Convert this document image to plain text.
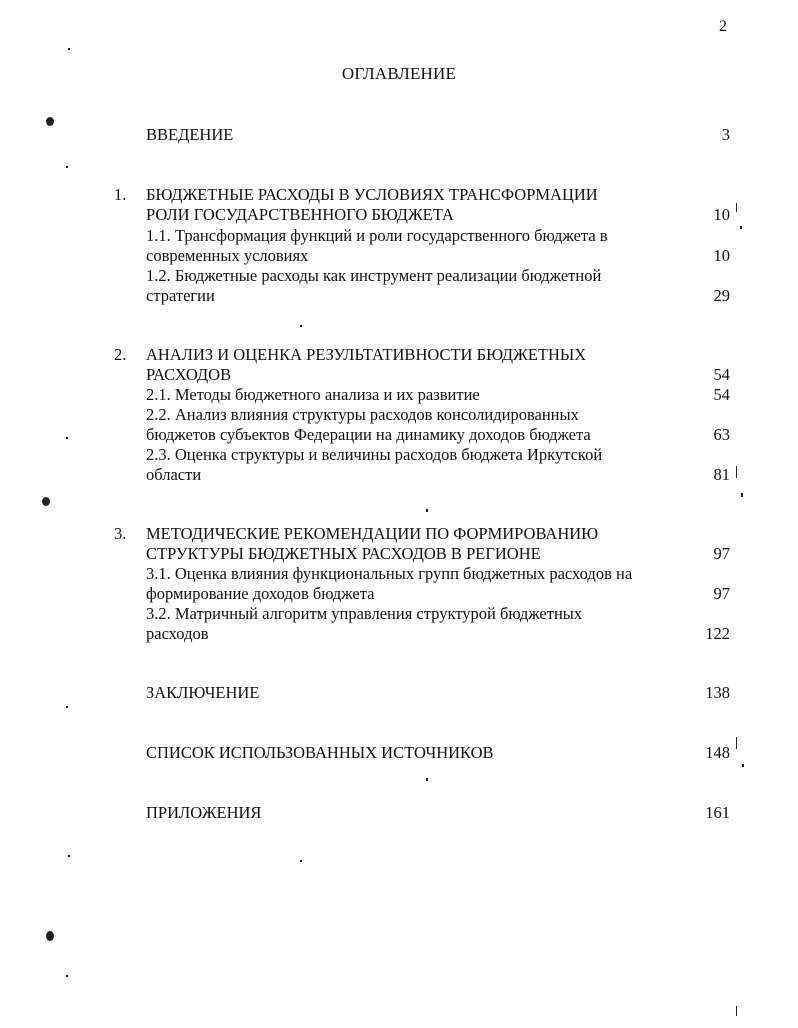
2
ОГЛАВЛЕНИЕ
ВВЕДЕНИЕ	3
1. БЮДЖЕТНЫЕ РАСХОДЫ В УСЛОВИЯХ ТРАНСФОРМАЦИИ
РОЛИ ГОСУДАРСТВЕННОГО БЮДЖЕТА	10
1.1. Трансформация функций и роли государственного бюджета в
современных условиях	10
1.2. Бюджетные расходы как инструмент реализации бюджетной
стратегии	29
2. АНАЛИЗ И ОЦЕНКА РЕЗУЛЬТАТИВНОСТИ БЮДЖЕТНЫХ
РАСХОДОВ	54
2.1. Методы бюджетного анализа и их развитие	54
2.2. Анализ влияния структуры расходов консолидированных
бюджетов субъектов Федерации на динамику доходов бюджета	63
2.3. Оценка структуры и величины расходов бюджета Иркутской
области	81
3. МЕТОДИЧЕСКИЕ РЕКОМЕНДАЦИИ ПО ФОРМИРОВАНИЮ
СТРУКТУРЫ БЮДЖЕТНЫХ РАСХОДОВ В РЕГИОНЕ	97
3.1. Оценка влияния функциональных групп бюджетных расходов на
формирование доходов бюджета	97
3.2. Матричный алгоритм управления структурой бюджетных
расходов	122
ЗАКЛЮЧЕНИЕ	138
СПИСОК ИСПОЛЬЗОВАННЫХ ИСТОЧНИКОВ	148
ПРИЛОЖЕНИЯ	161
